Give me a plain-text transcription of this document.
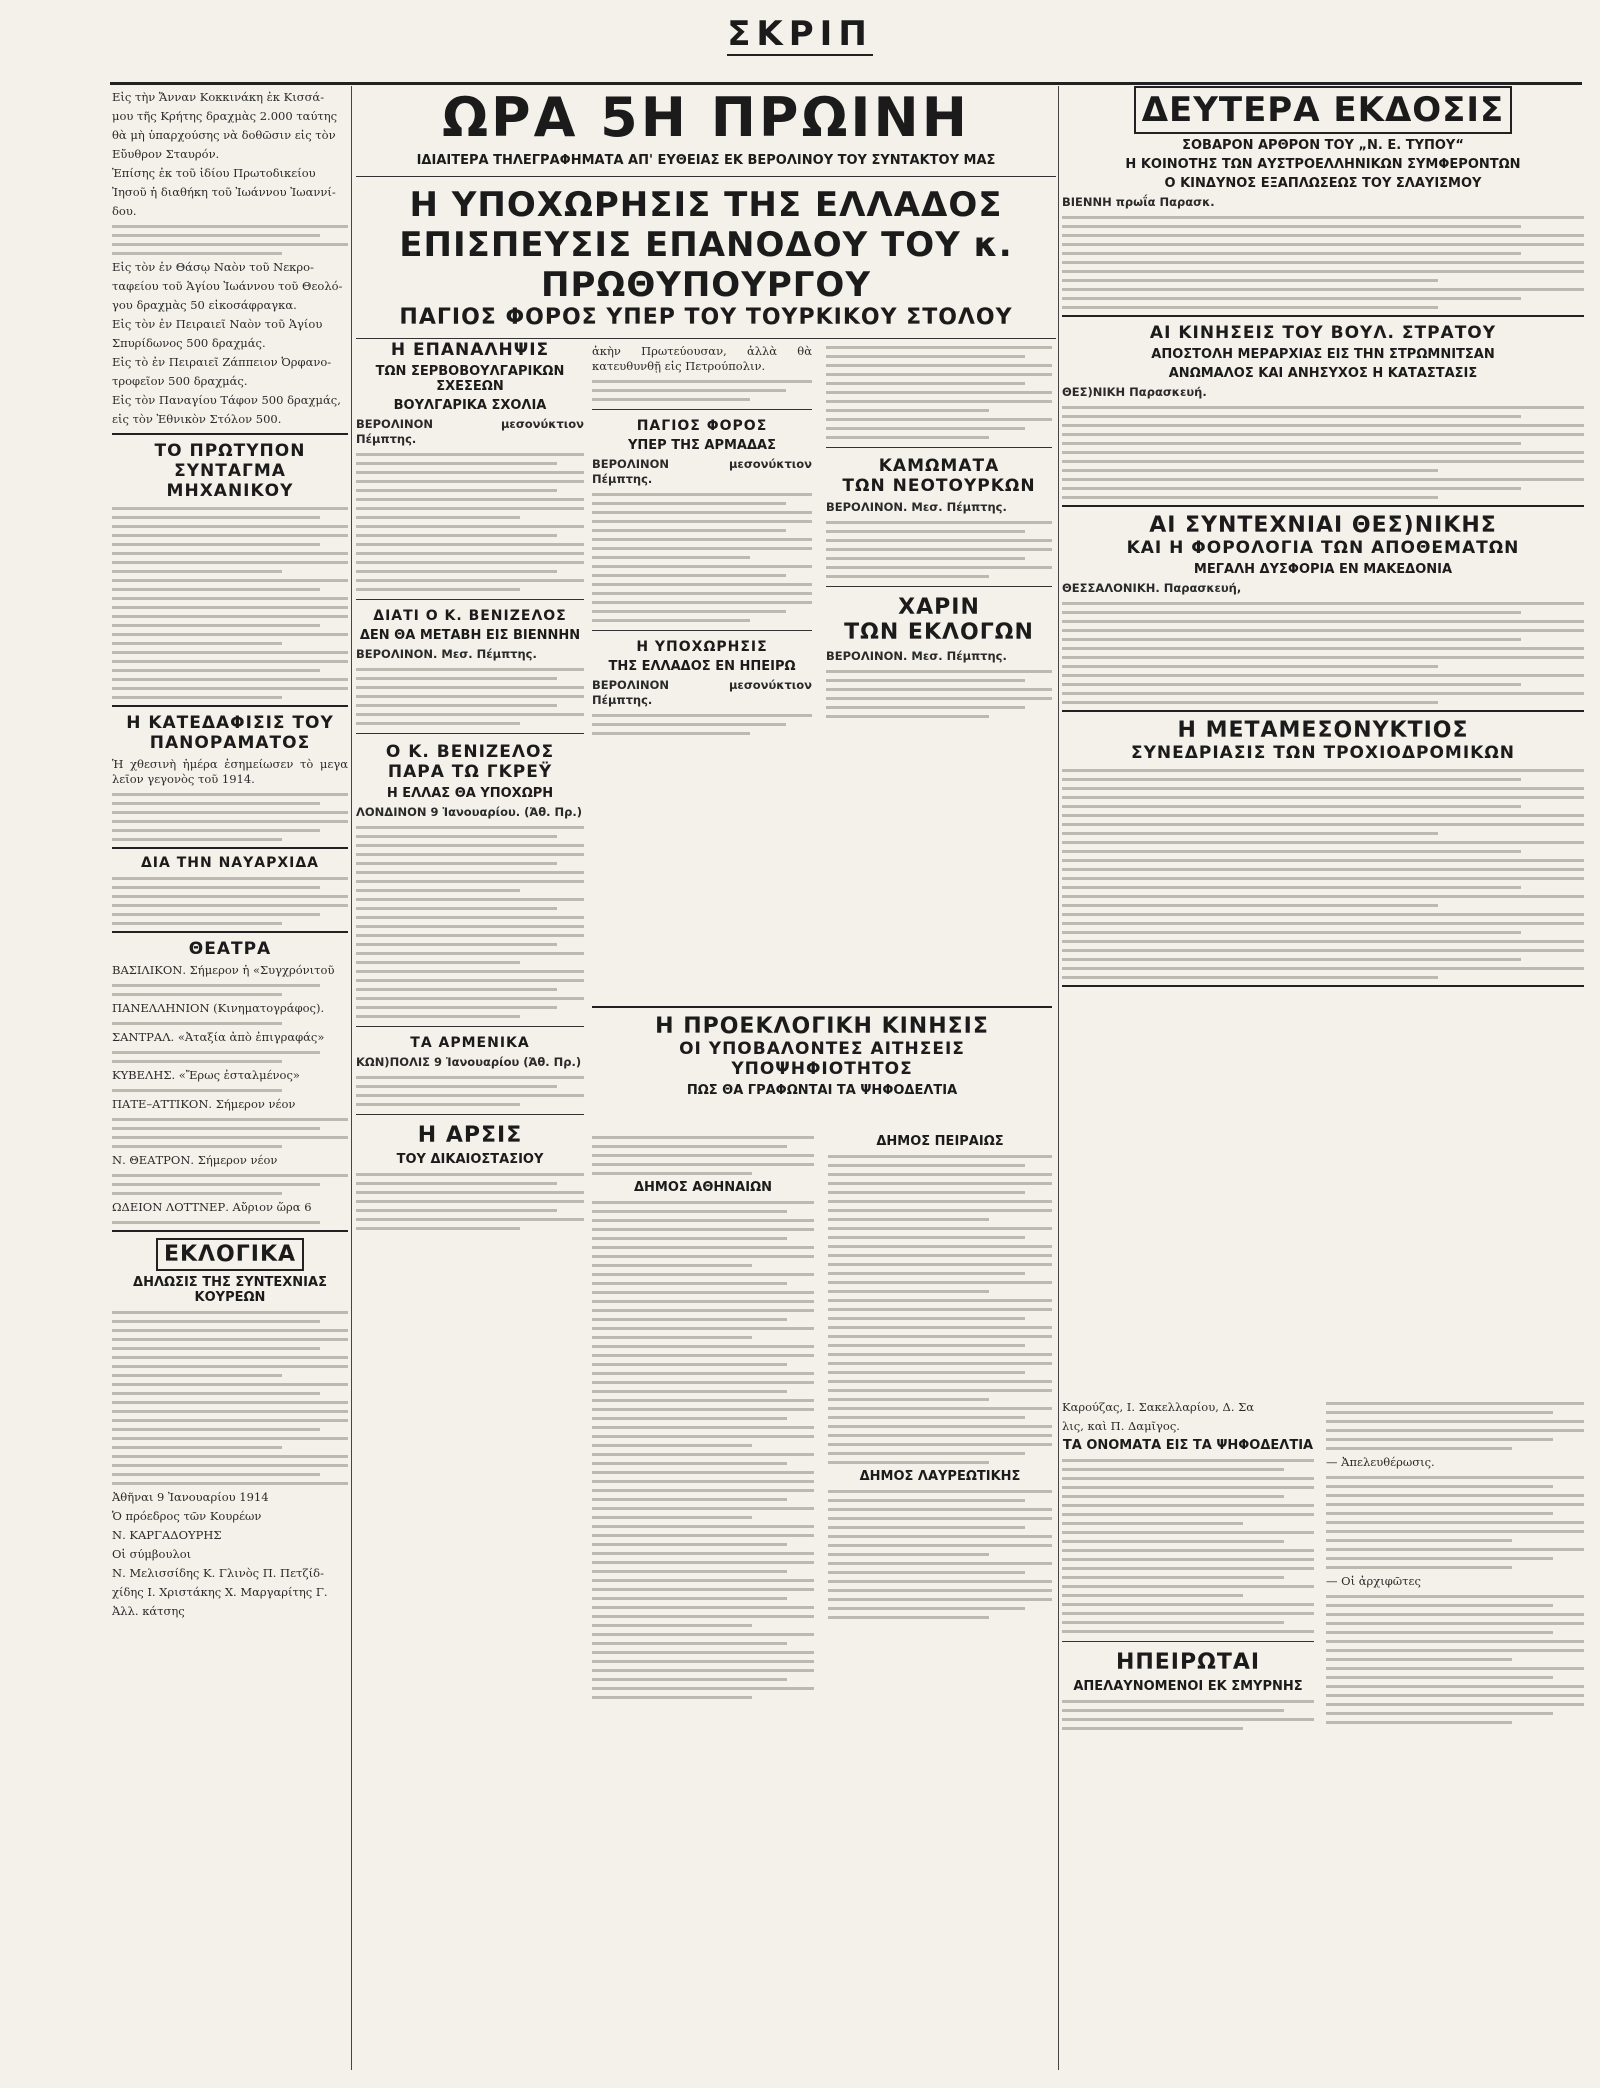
ΣΚΡΙΠ

Εἰς τὴν Ἄνναν Κοκκινάκη ἐκ Κισσά-

μου τῆς Κρήτης δραχμὰς 2.000 ταύτης

θὰ μὴ ὑπαρχούσης νὰ δοθῶσιν εἰς τὸν

Εὔυθρον Σταυρόν.

Ἐπίσης ἐκ τοῦ ἰδίου Πρωτοδικείου

Ἰησοῦ ἡ διαθήκη τοῦ Ἰωάννου Ἰωαννί-

δου.

Εἰς τὸν ἐν Θάσῳ Ναὸν τοῦ Νεκρο-

ταφείου τοῦ Ἁγίου Ἰωάννου τοῦ Θεολό-

γου δραχμὰς 50 εἰκοσάφραγκα.

Εἰς τὸν ἐν Πειραιεῖ Ναὸν τοῦ Ἁγίου

Σπυρίδωνος 500 δραχμάς.

Εἰς τὸ ἐν Πειραιεῖ Ζάππειον Ὀρφανο-

τροφεῖον 500 δραχμάς.

Εἰς τὸν Παναγίου Τάφον 500 δραχμάς,

εἰς τὸν Ἐθνικὸν Στόλον 500.

ΤΟ ΠΡΩΤΥΠΟΝ ΣΥΝΤΑΓΜΑ ΜΗΧΑΝΙΚΟΥ

Η ΚΑΤΕΔΑΦΙΣΙΣ ΤΟΥ ΠΑΝΟΡΑΜΑΤΟΣ

Ἡ χθεσινὴ ἡμέρα ἐσημείωσεν τὸ μεγα λεῖον γεγονὸς τοῦ 1914.

ΔΙΑ ΤΗΝ ΝΑΥΑΡΧΙΔΑ

ΘΕΑΤΡΑ

ΒΑΣΙΛΙΚΟΝ. Σήμερον ἡ «Συγχρόνιτοῦ

ΠΑΝΕΛΛΗΝΙΟΝ (Κινηματογράφος).

ΣΑΝΤΡΑΛ. «Ἀταξία ἀπὸ ἐπιγραφάς»

ΚΥΒΕΛΗΣ. «Ἔρως ἐσταλμένος»

ΠΑΤΕ–ΑΤΤΙΚΟΝ. Σήμερον νέον

Ν. ΘΕΑΤΡΟΝ. Σήμερον νέον

ΩΔΕΙΟΝ ΛΟΤΤΝΕΡ. Αὔριον ὥρα 6

ΕΚΛΟΓΙΚΑ

ΔΗΛΩΣΙΣ ΤΗΣ ΣΥΝΤΕΧΝΙΑΣ ΚΟΥΡΕΩΝ

Ἀθῆναι 9 Ἰανουαρίου 1914

Ὁ πρόεδρος τῶν Κουρέων

Ν. ΚΑΡΓΑΔΟΥΡΗΣ

Οἱ σύμβουλοι

Ν. Μελισσίδης Κ. Γλινὸς Π. Πετζίδ-

χίδης Ι. Χριστάκης Χ. Μαργαρίτης Γ.

Ἀλλ. κάτσης

ΩΡΑ 5Η ΠΡΩΙΝΗ

ΙΔΙΑΙΤΕΡΑ ΤΗΛΕΓΡΑΦΗΜΑΤΑ ΑΠ' ΕΥΘΕΙΑΣ ΕΚ ΒΕΡΟΛΙΝΟΥ ΤΟΥ ΣΥΝΤΑΚΤΟΥ ΜΑΣ

Η ΥΠΟΧΩΡΗΣΙΣ ΤΗΣ ΕΛΛΑΔΟΣ

ΕΠΙΣΠΕΥΣΙΣ ΕΠΑΝΟΔΟΥ ΤΟΥ κ. ΠΡΩΘΥΠΟΥΡΓΟΥ

ΠΑΓΙΟΣ ΦΟΡΟΣ ΥΠΕΡ ΤΟΥ ΤΟΥΡΚΙΚΟΥ ΣΤΟΛΟΥ

Η ΕΠΑΝΑΛΗΨΙΣ

ΤΩΝ ΣΕΡΒΟΒΟΥΛΓΑΡΙΚΩΝ ΣΧΕΣΕΩΝ

ΒΟΥΛΓΑΡΙΚΑ ΣΧΟΛΙΑ

ΒΕΡΟΛΙΝΟΝ μεσονύκτιον Πέμπτης.

ΔΙΑΤΙ Ο Κ. ΒΕΝΙΖΕΛΟΣ

ΔΕΝ ΘΑ ΜΕΤΑΒΗ ΕΙΣ ΒΙΕΝΝΗΝ

ΒΕΡΟΛΙΝΟΝ. Μεσ. Πέμπτης.

Ο Κ. ΒΕΝΙΖΕΛΟΣ

ΠΑΡΑ ΤΩ ΓΚΡΕΫ

Η ΕΛΛΑΣ ΘΑ ΥΠΟΧΩΡΗ

ΛΟΝΔΙΝΟΝ 9 Ἰανουαρίου. (Ἀθ. Πρ.)

ΤΑ ΑΡΜΕΝΙΚΑ

ΚΩΝ)ΠΟΛΙΣ 9 Ἰανουαρίου (Ἀθ. Πρ.)

Η ΑΡΣΙΣ

ΤΟΥ ΔΙΚΑΙΟΣΤΑΣΙΟΥ

ἀκὴν Πρωτεύουσαν, ἀλλὰ θὰ κατευθυνθῇ εἰς Πετρούπολιν.

ΠΑΓΙΟΣ ΦΟΡΟΣ

ΥΠΕΡ ΤΗΣ ΑΡΜΑΔΑΣ

ΒΕΡΟΛΙΝΟΝ μεσονύκτιον Πέμπτης.

Η ΥΠΟΧΩΡΗΣΙΣ

ΤΗΣ ΕΛΛΑΔΟΣ ΕΝ ΗΠΕΙΡΩ

ΒΕΡΟΛΙΝΟΝ μεσονύκτιον Πέμπτης.

ΚΑΜΩΜΑΤΑ

ΤΩΝ ΝΕΟΤΟΥΡΚΩΝ

ΒΕΡΟΛΙΝΟΝ. Μεσ. Πέμπτης.

ΧΑΡΙΝ

ΤΩΝ ΕΚΛΟΓΩΝ

ΒΕΡΟΛΙΝΟΝ. Μεσ. Πέμπτης.

Η ΠΡΟΕΚΛΟΓΙΚΗ ΚΙΝΗΣΙΣ

ΟΙ ΥΠΟΒΑΛΟΝΤΕΣ ΑΙΤΗΣΕΙΣ ΥΠΟΨΗΦΙΟΤΗΤΟΣ

ΠΩΣ ΘΑ ΓΡΑΦΩΝΤΑΙ ΤΑ ΨΗΦΟΔΕΛΤΙΑ

ΔΗΜΟΣ ΑΘΗΝΑΙΩΝ

ΔΗΜΟΣ ΠΕΙΡΑΙΩΣ

ΔΗΜΟΣ ΛΑΥΡΕΩΤΙΚΗΣ

ΔΕΥΤΕΡΑ ΕΚΔΟΣΙΣ

ΣΟΒΑΡΟΝ ΑΡΘΡΟΝ ΤΟΥ „Ν. Ε. ΤΥΠΟΥ“

Η ΚΟΙΝΟΤΗΣ ΤΩΝ ΑΥΣΤΡΟΕΛΛΗΝΙΚΩΝ ΣΥΜΦΕΡΟΝΤΩΝ

Ο ΚΙΝΔΥΝΟΣ ΕΞΑΠΛΩΣΕΩΣ ΤΟΥ ΣΛΑΥΙΣΜΟΥ

ΒΙΕΝΝΗ πρωΐα Παρασκ.

ΑΙ ΚΙΝΗΣΕΙΣ ΤΟΥ ΒΟΥΛ. ΣΤΡΑΤΟΥ

ΑΠΟΣΤΟΛΗ ΜΕΡΑΡΧΙΑΣ ΕΙΣ ΤΗΝ ΣΤΡΩΜΝΙΤΣΑΝ

ΑΝΩΜΑΛΟΣ ΚΑΙ ΑΝΗΣΥΧΟΣ Η ΚΑΤΑΣΤΑΣΙΣ

ΘΕΣ)ΝΙΚΗ Παρασκευή.

ΑΙ ΣΥΝΤΕΧΝΙΑΙ ΘΕΣ)ΝΙΚΗΣ

ΚΑΙ Η ΦΟΡΟΛΟΓΙΑ ΤΩΝ ΑΠΟΘΕΜΑΤΩΝ

ΜΕΓΑΛΗ ΔΥΣΦΟΡΙΑ ΕΝ ΜΑΚΕΔΟΝΙΑ

ΘΕΣΣΑΛΟΝΙΚΗ. Παρασκευή,

Η ΜΕΤΑΜΕΣΟΝΥΚΤΙΟΣ

ΣΥΝΕΔΡΙΑΣΙΣ ΤΩΝ ΤΡΟΧΙΟΔΡΟΜΙΚΩΝ

Καρούζας, Ι. Σακελλαρίου, Δ. Σα

λις, καὶ Π. Δαμῖγος.

ΤΑ ΟΝΟΜΑΤΑ ΕΙΣ ΤΑ ΨΗΦΟΔΕΛΤΙΑ

ΗΠΕΙΡΩΤΑΙ

ΑΠΕΛΑΥΝΟΜΕΝΟΙ ΕΚ ΣΜΥΡΝΗΣ

— Ἀπελευθέρωσις.

— Οἱ ἀρχιφῶτες
